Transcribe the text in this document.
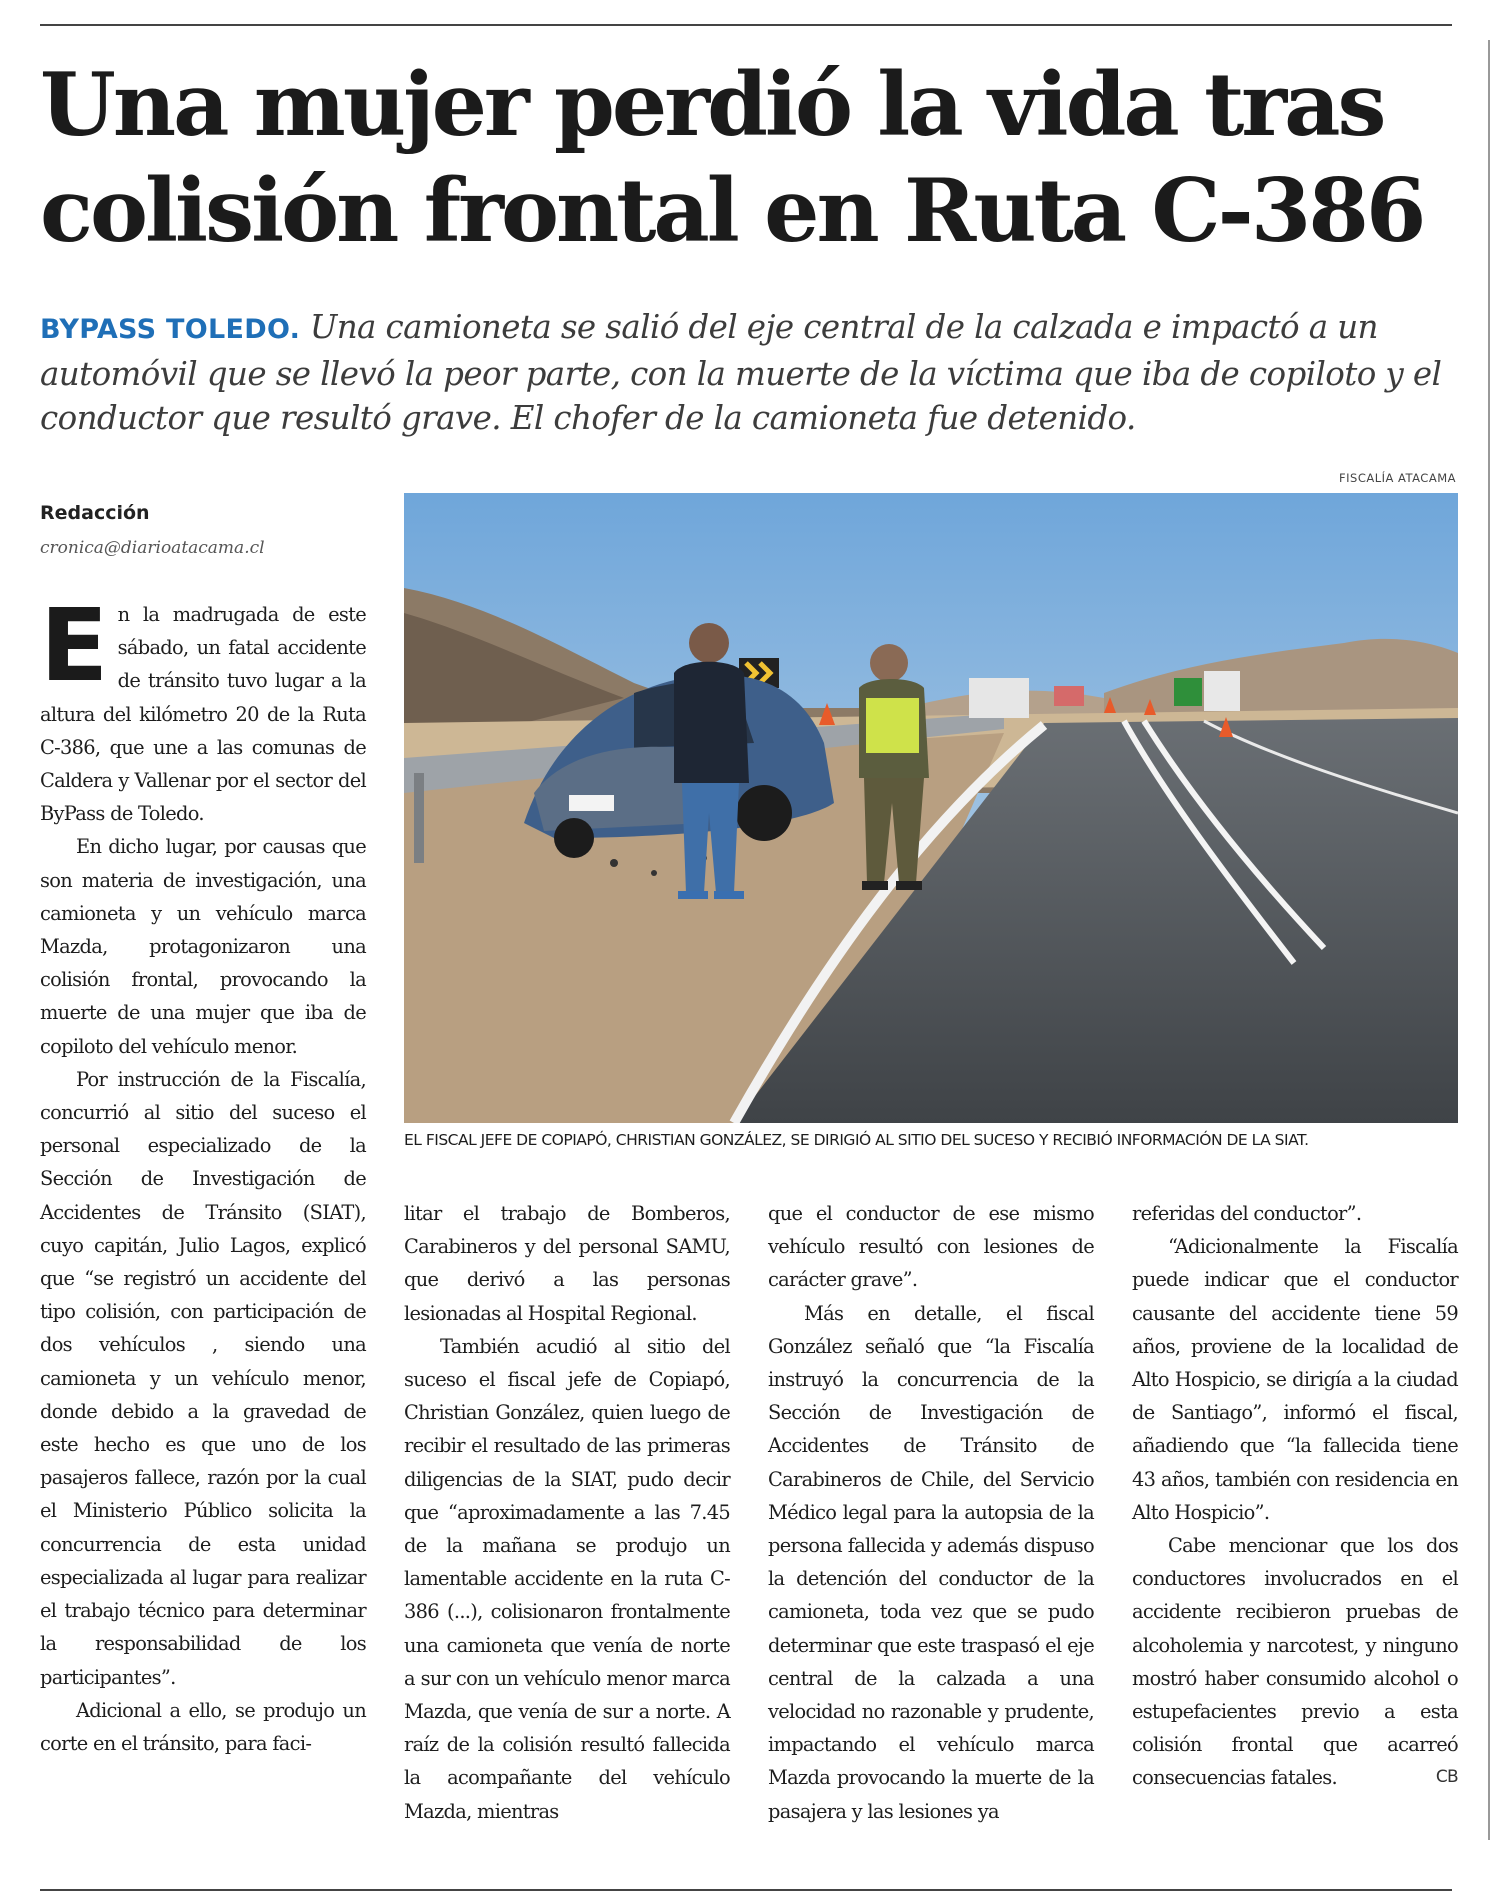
Una mujer perdió la vida tras colisión frontal en Ruta C-386
BYPASS TOLEDO. Una camioneta se salió del eje central de la calzada e impactó a un automóvil que se llevó la peor parte, con la muerte de la víctima que iba de copiloto y el conductor que resultó grave. El chofer de la camioneta fue detenido.
FISCALÍA ATACAMA
EL FISCAL JEFE DE COPIAPÓ, CHRISTIAN GONZÁLEZ, SE DIRIGIÓ AL SITIO DEL SUCESO Y RECIBIÓ INFORMACIÓN DE LA SIAT.
Redacción
cronica@diarioatacama.cl

En la madrugada de este sábado, un fatal accidente de tránsito tuvo lugar a la altura del kilómetro 20 de la Ruta C-386, que une a las comunas de Caldera y Vallenar por el sector del ByPass de Toledo.

En dicho lugar, por causas que son materia de investigación, una camioneta y un vehículo marca Mazda, protagonizaron una colisión frontal, provocando la muerte de una mujer que iba de copiloto del vehículo menor.

Por instrucción de la Fiscalía, concurrió al sitio del suceso el personal especializado de la Sección de Investigación de Accidentes de Tránsito (SIAT), cuyo capitán, Julio Lagos, explicó que “se registró un accidente del tipo colisión, con participación de dos vehículos , siendo una camioneta y un vehículo menor, donde debido a la gravedad de este hecho es que uno de los pasajeros fallece, razón por la cual el Ministerio Público solicita la concurrencia de esta unidad especializada al lugar para realizar el trabajo técnico para determinar la responsabilidad de los participantes”.

Adicional a ello, se produjo un corte en el tránsito, para faci-

litar el trabajo de Bomberos, Carabineros y del personal SAMU, que derivó a las personas lesionadas al Hospital Regional.

También acudió al sitio del suceso el fiscal jefe de Copiapó, Christian González, quien luego de recibir el resultado de las primeras diligencias de la SIAT, pudo decir que “aproximadamente a las 7.45 de la mañana se produjo un lamentable accidente en la ruta C-386 (...), colisionaron frontalmente una camioneta que venía de norte a sur con un vehículo menor marca Mazda, que venía de sur a norte. A raíz de la colisión resultó fallecida la acompañante del vehículo Mazda, mientras

que el conductor de ese mismo vehículo resultó con lesiones de carácter grave”.

Más en detalle, el fiscal González señaló que “la Fiscalía instruyó la concurrencia de la Sección de Investigación de Accidentes de Tránsito de Carabineros de Chile, del Servicio Médico legal para la autopsia de la persona fallecida y además dispuso la detención del conductor de la camioneta, toda vez que se pudo determinar que este traspasó el eje central de la calzada a una velocidad no razonable y prudente, impactando el vehículo marca Mazda provocando la muerte de la pasajera y las lesiones ya

referidas del conductor”.

“Adicionalmente la Fiscalía puede indicar que el conductor causante del accidente tiene 59 años, proviene de la localidad de Alto Hospicio, se dirigía a la ciudad de Santiago”, informó el fiscal, añadiendo que “la fallecida tiene 43 años, también con residencia en Alto Hospicio”.

Cabe mencionar que los dos conductores involucrados en el accidente recibieron pruebas de alcoholemia y narcotest, y ninguno mostró haber consumido alcohol o estupefacientes previo a esta colisión frontal que acarreó consecuencias fatales.	CB
